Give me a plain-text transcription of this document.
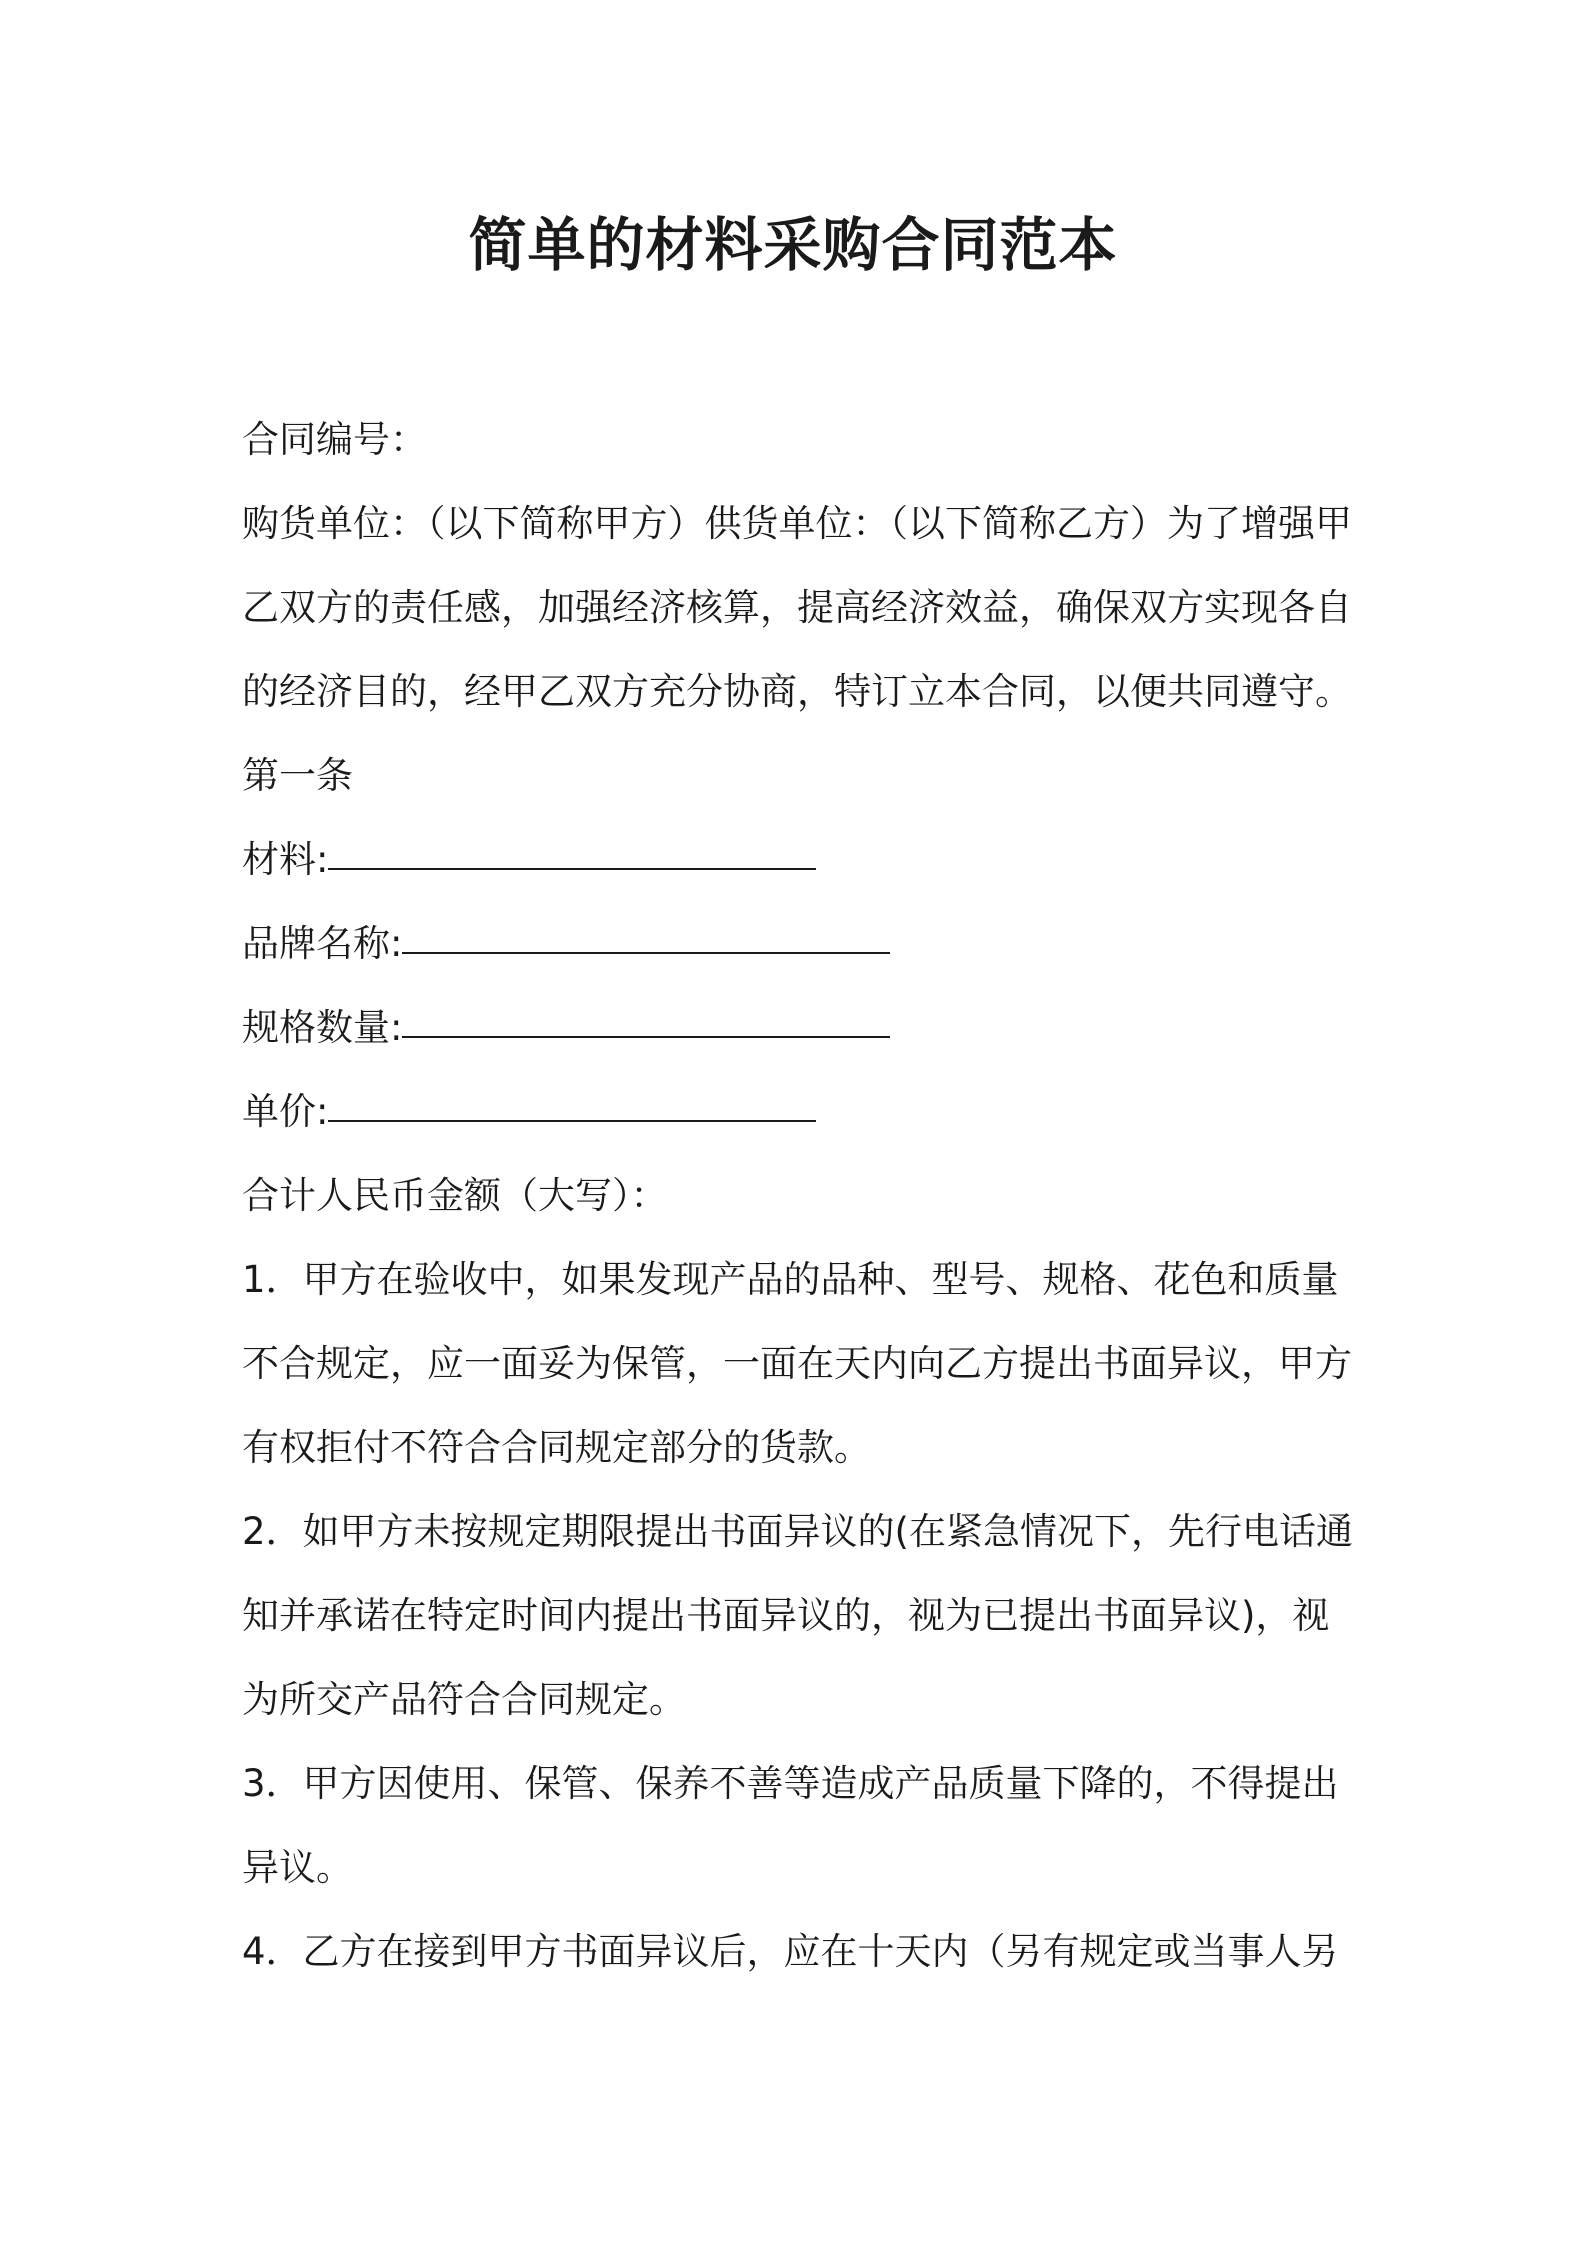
简单的材料采购合同范本
合同编号：
购货单位：（以下简称甲方）供货单位：（以下简称乙方）为了增强甲
乙双方的责任感，加强经济核算，提高经济效益，确保双方实现各自
的经济目的，经甲乙双方充分协商，特订立本合同，以便共同遵守。
第一条
材料:
品牌名称:
规格数量:
单价:
合计人民币金额（大写）：
1．甲方在验收中，如果发现产品的品种、型号、规格、花色和质量
不合规定，应一面妥为保管，一面在天内向乙方提出书面异议，甲方
有权拒付不符合合同规定部分的货款。
2．如甲方未按规定期限提出书面异议的(在紧急情况下，先行电话通
知并承诺在特定时间内提出书面异议的，视为已提出书面异议)，视
为所交产品符合合同规定。
3．甲方因使用、保管、保养不善等造成产品质量下降的，不得提出
异议。
4．乙方在接到甲方书面异议后，应在十天内（另有规定或当事人另
